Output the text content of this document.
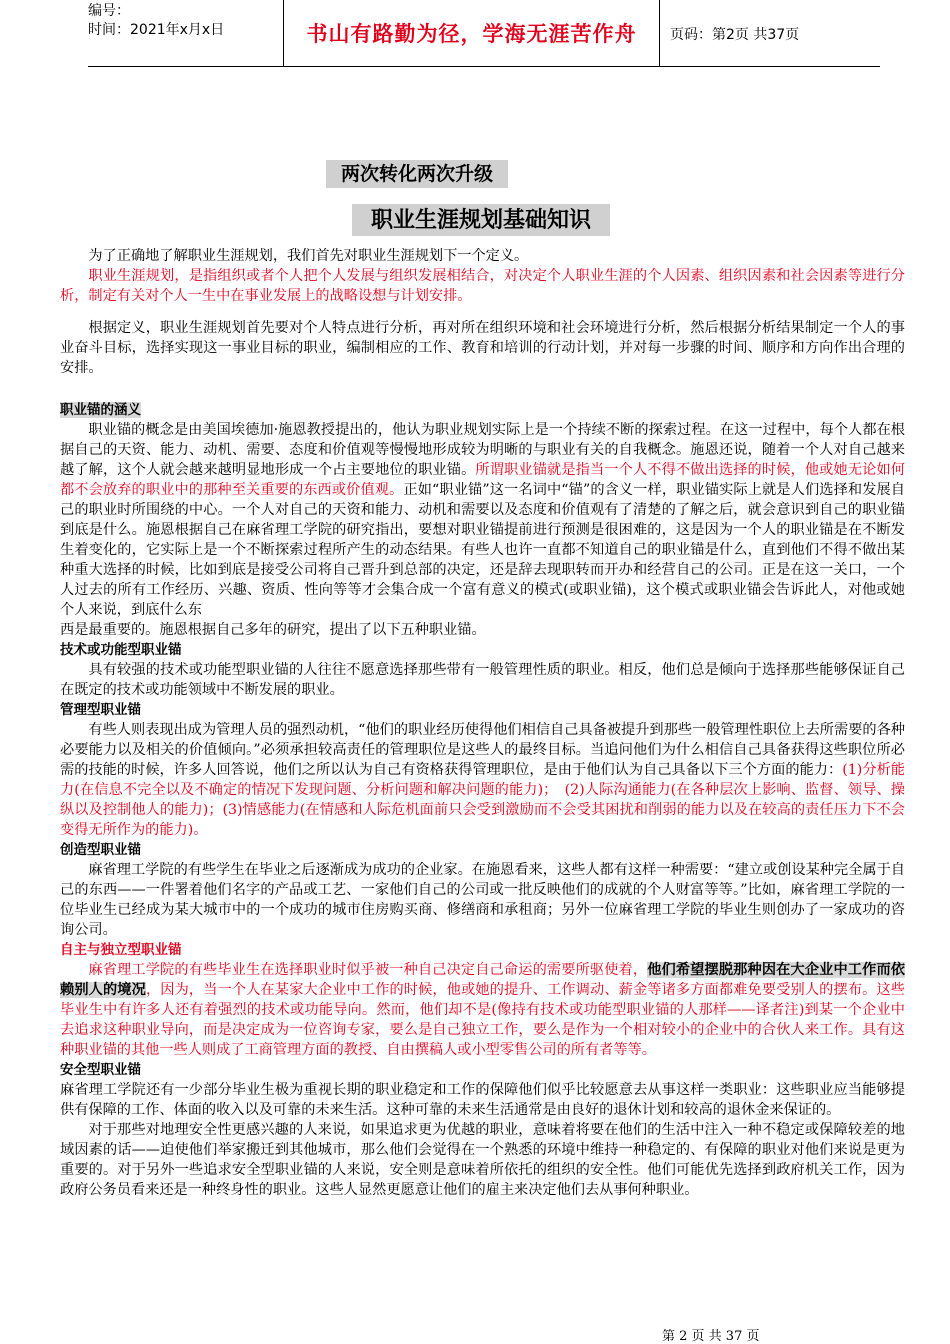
编号：
时间：2021年x月x日	书山有路勤为径，学海无涯苦作舟 页码：第2页 共37页
两次转化两次升级
职业生涯规划基础知识

为了正确地了解职业生涯规划，我们首先对职业生涯规划下一个定义。

职业生涯规划，是指组织或者个人把个人发展与组织发展相结合，对决定个人职业生涯的个人因素、组织因素和社会因素等进行分析，制定有关对个人一生中在事业发展上的战略设想与计划安排。

根据定义，职业生涯规划首先要对个人特点进行分析，再对所在组织环境和社会环境进行分析，然后根据分析结果制定一个人的事业奋斗目标，选择实现这一事业目标的职业，编制相应的工作、教育和培训的行动计划，并对每一步骤的时间、顺序和方向作出合理的安排。

职业锚的涵义

职业锚的概念是由美国埃德加·施恩教授提出的，他认为职业规划实际上是一个持续不断的探索过程。在这一过程中，每个人都在根据自己的天资、能力、动机、需要、态度和价值观等慢慢地形成较为明晰的与职业有关的自我概念。施恩还说，随着一个人对自己越来越了解，这个人就会越来越明显地形成一个占主要地位的职业锚。所谓职业锚就是指当一个人不得不做出选择的时候，他或她无论如何都不会放弃的职业中的那种至关重要的东西或价值观。正如“职业锚”这一名词中“锚”的含义一样，职业锚实际上就是人们选择和发展自己的职业时所围绕的中心。一个人对自己的天资和能力、动机和需要以及态度和价值观有了清楚的了解之后，就会意识到自己的职业锚到底是什么。施恩根据自己在麻省理工学院的研究指出，要想对职业锚提前进行预测是很困难的，这是因为一个人的职业锚是在不断发生着变化的，它实际上是一个不断探索过程所产生的动态结果。有些人也许一直都不知道自己的职业锚是什么，直到他们不得不做出某种重大选择的时候，比如到底是接受公司将自己晋升到总部的决定，还是辞去现职转而开办和经营自己的公司。正是在这一关口，一个人过去的所有工作经历、兴趣、资质、性向等等才会集合成一个富有意义的模式(或职业锚)，这个模式或职业锚会告诉此人，对他或她个人来说，到底什么东

西是最重要的。施恩根据自己多年的研究，提出了以下五种职业锚。

技术或功能型职业锚

具有较强的技术或功能型职业锚的人往往不愿意选择那些带有一般管理性质的职业。相反，他们总是倾向于选择那些能够保证自己在既定的技术或功能领域中不断发展的职业。

管理型职业锚

有些人则表现出成为管理人员的强烈动机，“他们的职业经历使得他们相信自己具备被提升到那些一般管理性职位上去所需要的各种必要能力以及相关的价值倾向。”必须承担较高责任的管理职位是这些人的最终目标。当追问他们为什么相信自己具备获得这些职位所必需的技能的时候，许多人回答说，他们之所以认为自己有资格获得管理职位，是由于他们认为自己具备以下三个方面的能力：(1)分析能力(在信息不完全以及不确定的情况下发现问题、分析问题和解决问题的能力)；　(2)人际沟通能力(在各种层次上影响、监督、领导、操纵以及控制他人的能力)；(3)情感能力(在情感和人际危机面前只会受到激励而不会受其困扰和削弱的能力以及在较高的责任压力下不会变得无所作为的能力)。

创造型职业锚

麻省理工学院的有些学生在毕业之后逐渐成为成功的企业家。在施恩看来，这些人都有这样一种需要：“建立或创设某种完全属于自己的东西——一件署着他们名字的产品或工艺、一家他们自己的公司或一批反映他们的成就的个人财富等等。”比如，麻省理工学院的一位毕业生已经成为某大城市中的一个成功的城市住房购买商、修缮商和承租商；另外一位麻省理工学院的毕业生则创办了一家成功的咨询公司。

自主与独立型职业锚

麻省理工学院的有些毕业生在选择职业时似乎被一种自己决定自己命运的需要所驱使着，他们希望摆脱那种因在大企业中工作而依赖别人的境况，因为，当一个人在某家大企业中工作的时候，他或她的提升、工作调动、薪金等诸多方面都难免要受别人的摆布。这些毕业生中有许多人还有着强烈的技术或功能导向。然而，他们却不是(像持有技术或功能型职业锚的人那样——译者注)到某一个企业中去追求这种职业导向，而是决定成为一位咨询专家，要么是自己独立工作，要么是作为一个相对较小的企业中的合伙人来工作。具有这种职业锚的其他一些人则成了工商管理方面的教授、自由撰稿人或小型零售公司的所有者等等。

安全型职业锚

麻省理工学院还有一少部分毕业生极为重视长期的职业稳定和工作的保障他们似乎比较愿意去从事这样一类职业：这些职业应当能够提供有保障的工作、体面的收入以及可靠的未来生活。这种可靠的未来生活通常是由良好的退休计划和较高的退休金来保证的。

对于那些对地理安全性更感兴趣的人来说，如果追求更为优越的职业，意味着将要在他们的生活中注入一种不稳定或保障较差的地域因素的话——迫使他们举家搬迁到其他城市，那么他们会觉得在一个熟悉的环境中维持一种稳定的、有保障的职业对他们来说是更为重要的。对于另外一些追求安全型职业锚的人来说，安全则是意味着所依托的组织的安全性。他们可能优先选择到政府机关工作，因为政府公务员看来还是一种终身性的职业。这些人显然更愿意让他们的雇主来决定他们去从事何种职业。

第 2 页 共 37 页
